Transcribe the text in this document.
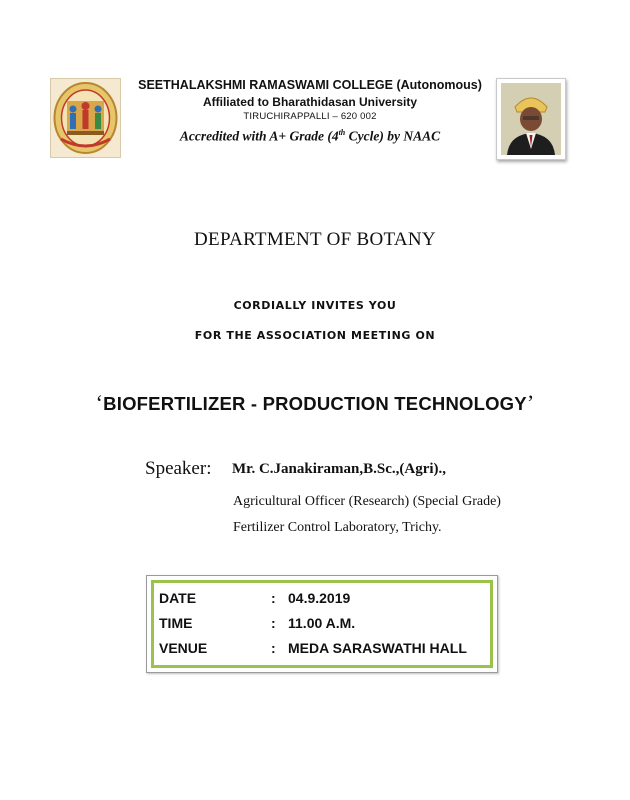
SEETHALAKSHMI RAMASWAMI COLLEGE (Autonomous)
Affiliated to Bharathidasan University
TIRUCHIRAPPALLI – 620 002
Accredited with A+ Grade (4th Cycle) by NAAC
DEPARTMENT OF BOTANY
CORDIALLY INVITES YOU
FOR THE ASSOCIATION MEETING ON
‘BIOFERTILIZER - PRODUCTION TECHNOLOGY’
Speaker: Mr. C.Janakiraman,B.Sc.,(Agri).,
Agricultural Officer (Research) (Special Grade)
Fertilizer Control Laboratory, Trichy.
DATE	: 04.9.2019
TIME	: 11.00 A.M.
VENUE	: MEDA SARASWATHI HALL
